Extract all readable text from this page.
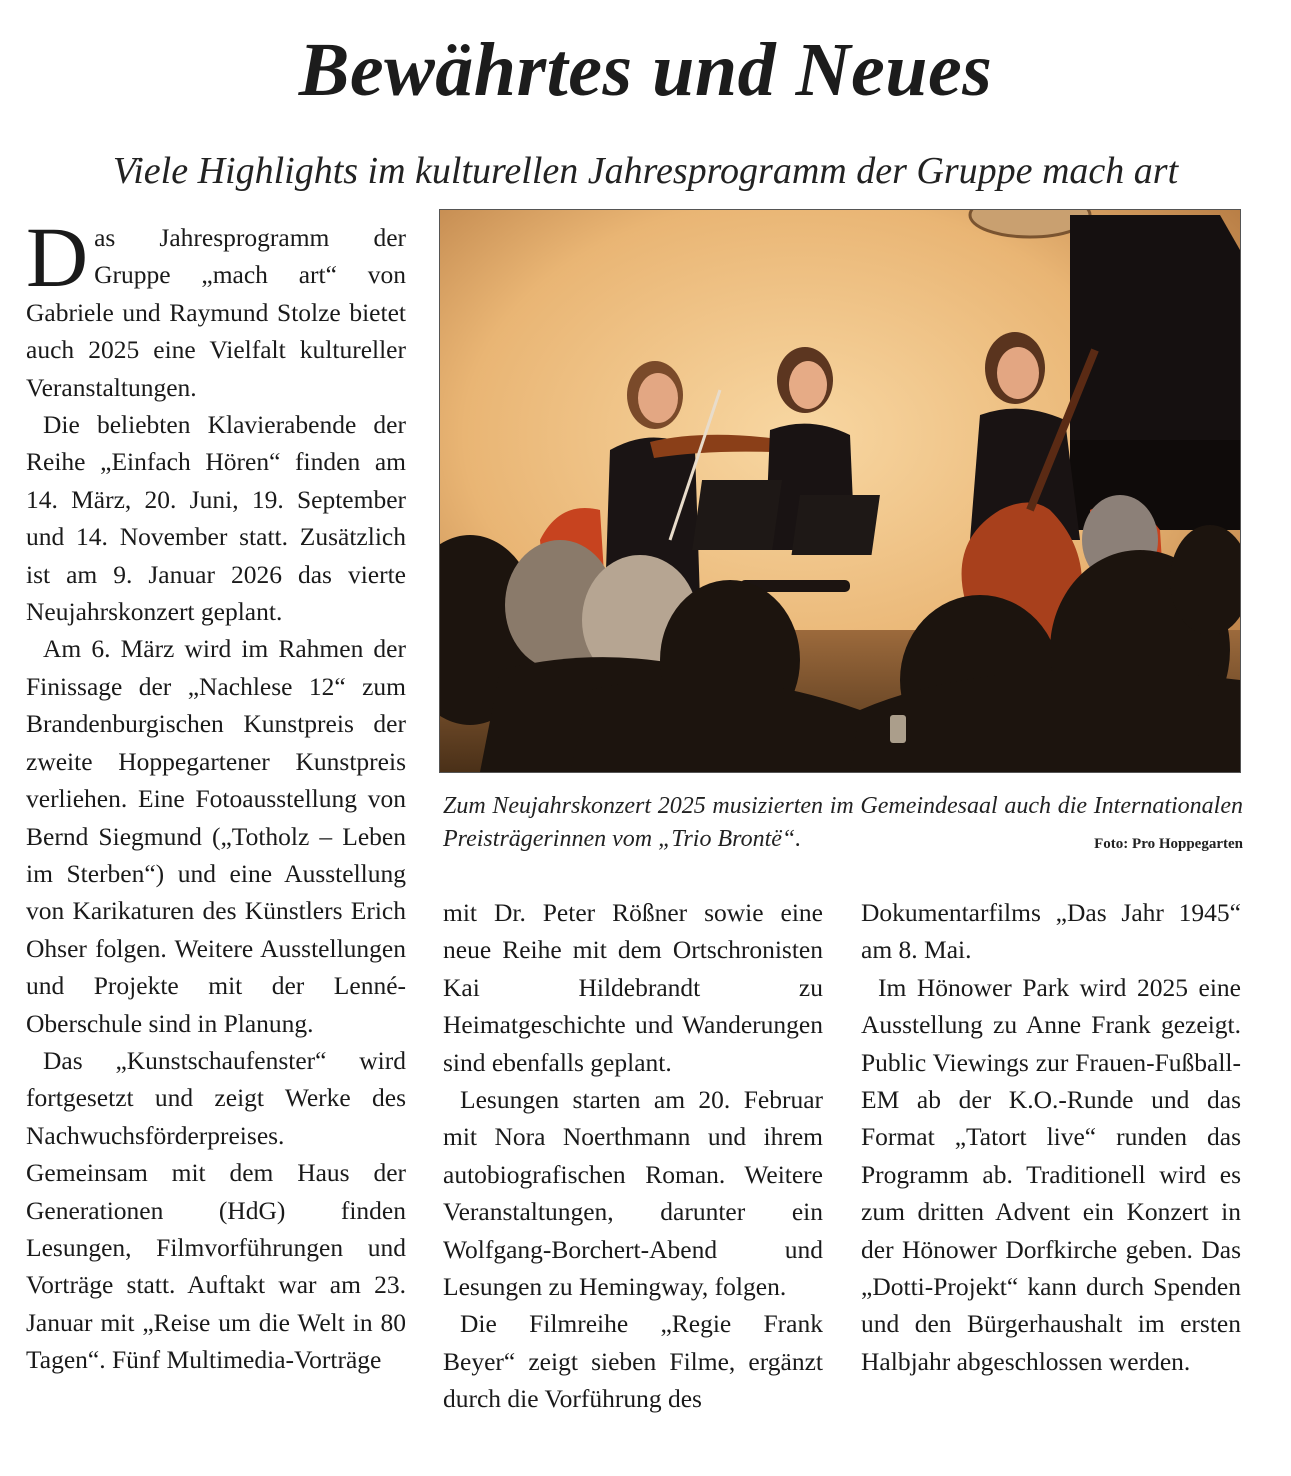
Bewährtes und Neues
Viele Highlights im kulturellen Jahresprogramm der Gruppe mach art

Das Jahresprogramm der Gruppe „mach art“ von Gabriele und Raymund Stolze bietet auch 2025 eine Vielfalt kultureller Veranstaltungen.

Die beliebten Klavierabende der Reihe „Einfach Hören“ finden am 14. März, 20. Juni, 19. September und 14. November statt. Zusätzlich ist am 9. Januar 2026 das vierte Neujahrskonzert geplant.

Am 6. März wird im Rahmen der Finissage der „Nachlese 12“ zum Brandenburgischen Kunstpreis der zweite Hoppegartener Kunstpreis verliehen. Eine Fotoausstellung von Bernd Siegmund („Totholz – Leben im Sterben“) und eine Ausstellung von Karikaturen des Künstlers Erich Ohser folgen. Weitere Ausstellungen und Projekte mit der Lenné-Oberschule sind in Planung.

Das „Kunstschaufenster“ wird fortgesetzt und zeigt Werke des Nachwuchsförderpreises. Gemeinsam mit dem Haus der Generationen (HdG) finden Lesungen, Filmvorführungen und Vorträge statt. Auftakt war am 23. Januar mit „Reise um die Welt in 80 Tagen“. Fünf Multimedia-Vorträge

Zum Neujahrskonzert 2025 musizierten im Gemeindesaal auch die Internationalen Preisträgerinnen vom „Trio Brontë“.	Foto: Pro Hoppegarten

mit Dr. Peter Rößner sowie eine neue Reihe mit dem Ortschronisten Kai Hildebrandt zu Heimatgeschichte und Wanderungen sind ebenfalls geplant.

Lesungen starten am 20. Februar mit Nora Noerthmann und ihrem autobiografischen Roman. Weitere Veranstaltungen, darunter ein Wolfgang-Borchert-Abend und Lesungen zu Hemingway, folgen.

Die Filmreihe „Regie Frank Beyer“ zeigt sieben Filme, ergänzt durch die Vorführung des

Dokumentarfilms „Das Jahr 1945“ am 8. Mai.

Im Hönower Park wird 2025 eine Ausstellung zu Anne Frank gezeigt. Public Viewings zur Frauen-Fußball-EM ab der K.O.-Runde und das Format „Tatort live“ runden das Programm ab. Traditionell wird es zum dritten Advent ein Konzert in der Hönower Dorfkirche geben. Das „Dotti-Projekt“ kann durch Spenden und den Bürgerhaushalt im ersten Halbjahr abgeschlossen werden.
